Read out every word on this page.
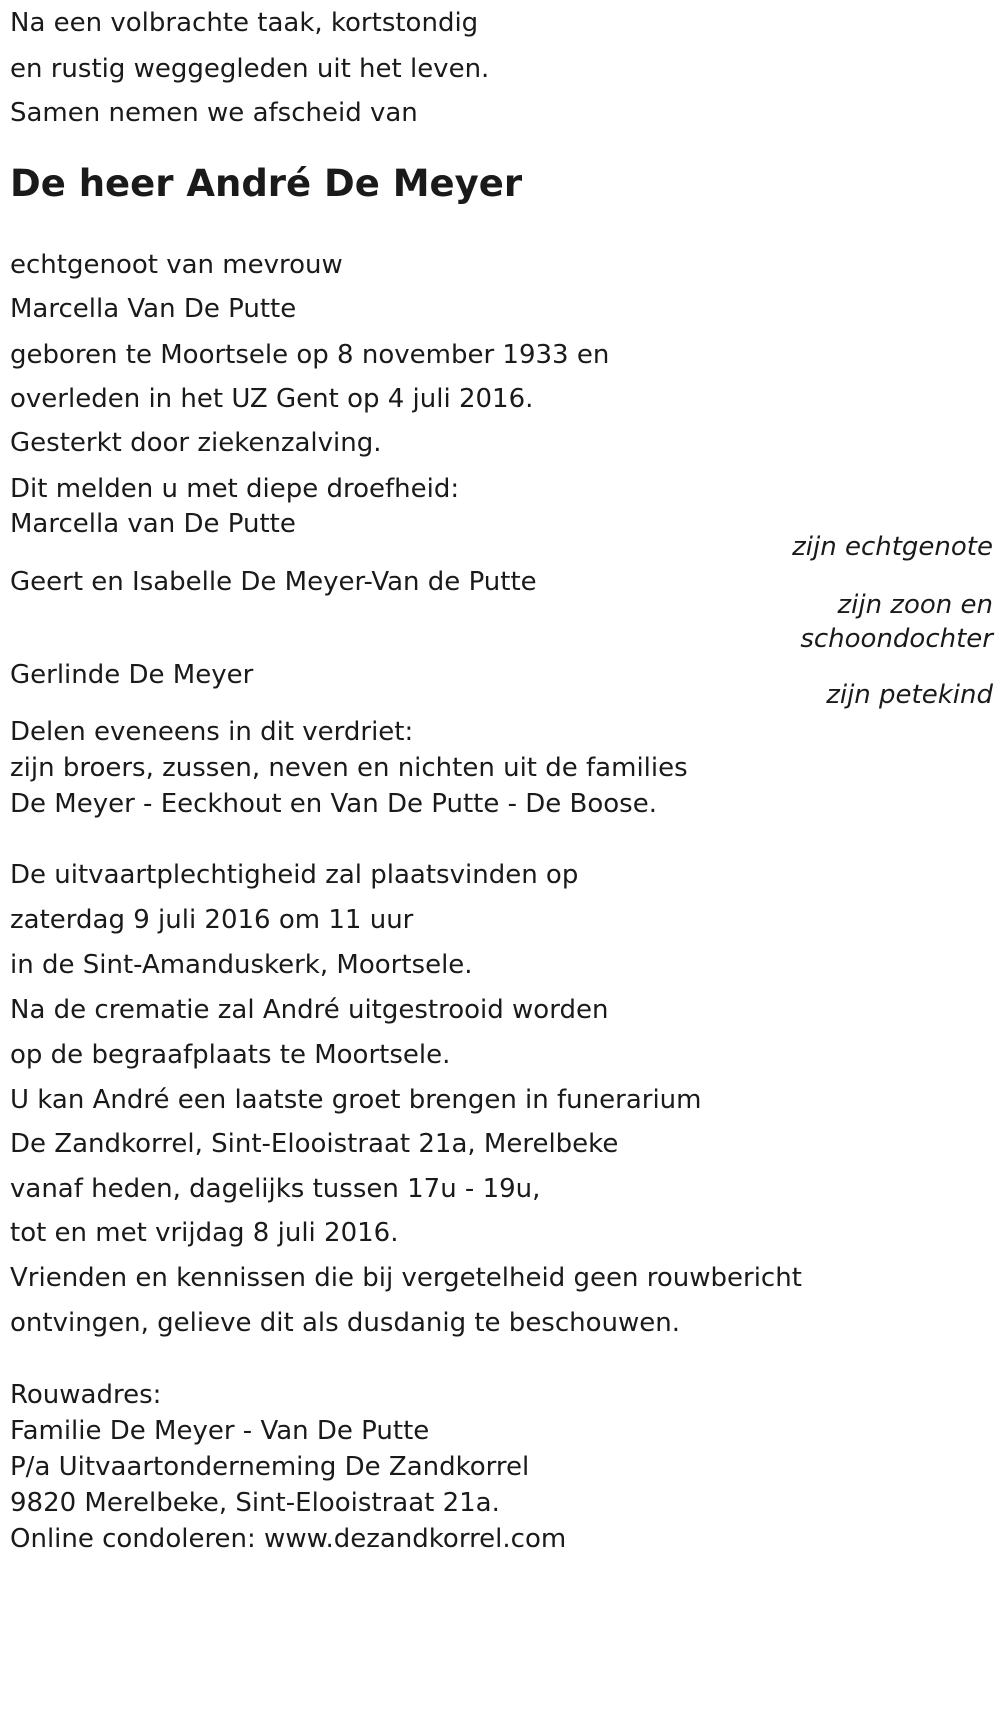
Na een volbrachte taak, kortstondig
en rustig weggegleden uit het leven.
Samen nemen we afscheid van
De heer André De Meyer
echtgenoot van mevrouw
Marcella Van De Putte
geboren te Moortsele op 8 november 1933 en
overleden in het UZ Gent op 4 juli 2016.
Gesterkt door ziekenzalving.
Dit melden u met diepe droefheid:
Marcella van De Putte
zijn echtgenote
Geert en Isabelle De Meyer-Van de Putte
zijn zoon en
schoondochter
Gerlinde De Meyer
zijn petekind
Delen eveneens in dit verdriet:
zijn broers, zussen, neven en nichten uit de families
De Meyer - Eeckhout en Van De Putte - De Boose.
De uitvaartplechtigheid zal plaatsvinden op
zaterdag 9 juli 2016 om 11 uur
in de Sint-Amanduskerk, Moortsele.
Na de crematie zal André uitgestrooid worden
op de begraafplaats te Moortsele.
U kan André een laatste groet brengen in funerarium
De Zandkorrel, Sint-Elooistraat 21a, Merelbeke
vanaf heden, dagelijks tussen 17u - 19u,
tot en met vrijdag 8 juli 2016.
Vrienden en kennissen die bij vergetelheid geen rouwbericht
ontvingen, gelieve dit als dusdanig te beschouwen.
Rouwadres:
Familie De Meyer - Van De Putte
P/a Uitvaartonderneming De Zandkorrel
9820 Merelbeke, Sint-Elooistraat 21a.
Online condoleren: www.dezandkorrel.com
